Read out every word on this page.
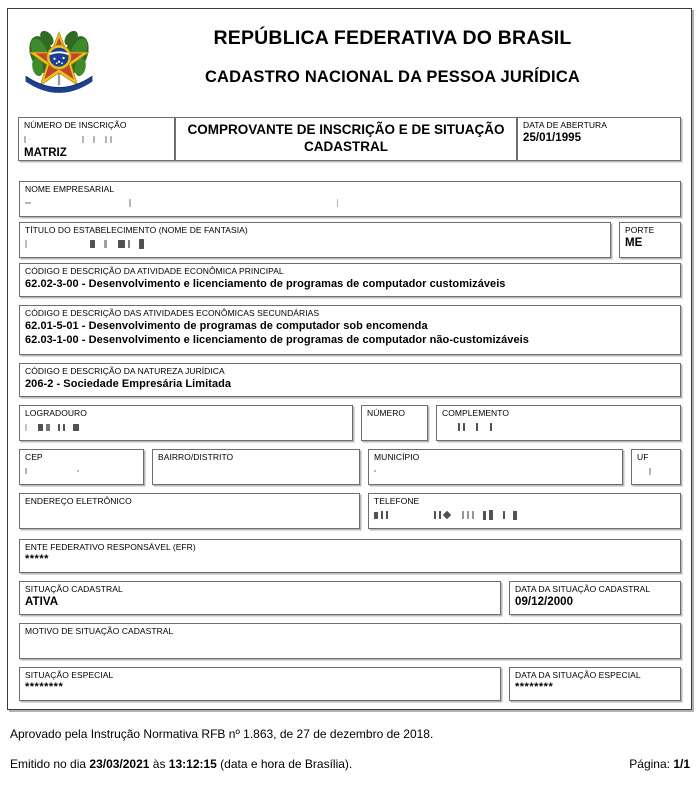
REPÚBLICA FEDERATIVA DO BRASIL
CADASTRO NACIONAL DA PESSOA JURÍDICA
NÚMERO DE INSCRIÇÃO
MATRIZ
COMPROVANTE DE INSCRIÇÃO E DE SITUAÇÃO CADASTRAL
DATA DE ABERTURA
25/01/1995
NOME EMPRESARIAL
TÍTULO DO ESTABELECIMENTO (NOME DE FANTASIA)	PORTE
ME
CÓDIGO E DESCRIÇÃO DA ATIVIDADE ECONÔMICA PRINCIPAL
62.02-3-00 - Desenvolvimento e licenciamento de programas de computador customizáveis
CÓDIGO E DESCRIÇÃO DAS ATIVIDADES ECONÔMICAS SECUNDÁRIAS
62.01-5-01 - Desenvolvimento de programas de computador sob encomenda
62.03-1-00 - Desenvolvimento e licenciamento de programas de computador não-customizáveis
CÓDIGO E DESCRIÇÃO DA NATUREZA JURÍDICA
206-2 - Sociedade Empresária Limitada
LOGRADOURO	NÚMERO	COMPLEMENTO
CEP	BAIRRO/DISTRITO	MUNICÍPIO	UF
ENDEREÇO ELETRÔNICO	TELEFONE
ENTE FEDERATIVO RESPONSÁVEL (EFR)
*****
SITUAÇÃO CADASTRAL
ATIVA
DATA DA SITUAÇÃO CADASTRAL
09/12/2000
MOTIVO DE SITUAÇÃO CADASTRAL
SITUAÇÃO ESPECIAL
********
DATA DA SITUAÇÃO ESPECIAL
********
Aprovado pela Instrução Normativa RFB nº 1.863, de 27 de dezembro de 2018.
Emitido no dia 23/03/2021 às 13:12:15 (data e hora de Brasília).	Página: 1/1
